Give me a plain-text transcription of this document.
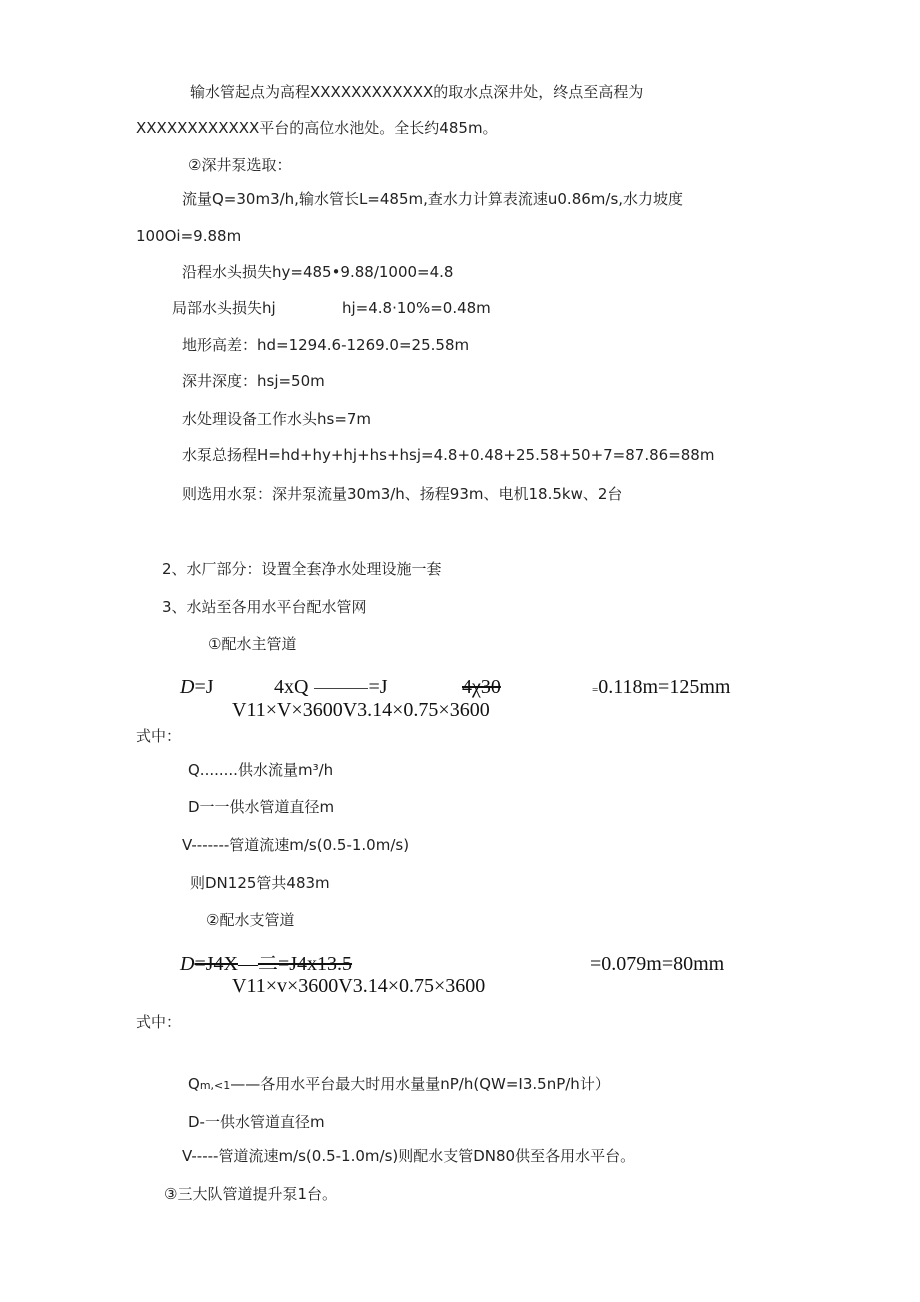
输水管起点为高程XXXXXXXXXXXX的取水点深井处，终点至高程为
XXXXXXXXXXXX平台的高位水池处。全长约485m。
②深井泵选取：
流量Q=30m3/h,输水管长L=485m,查水力计算表流速u0.86m/s,水力坡度
100Oi=9.88m
沿程水头损失hy=485•9.88/1000=4.8
局部水头损失hj	hj=4.8·10%=0.48m
地形高差：hd=1294.6-1269.0=25.58m
深井深度：hsj=50m
水处理设备工作水头hs=7m
水泵总扬程H=hd+hy+hj+hs+hsj=4.8+0.48+25.58+50+7=87.86=88m
则选用水泵：深井泵流量30m3/h、扬程93m、电机18.5kw、2台
2、水厂部分：设置全套净水处理设施一套
3、水站至各用水平台配水管网
①配水主管道
D=J	4xQ	=J	4χ30	=0.118m=125mm
V11×V×3600V3.14×0.75×3600
式中：
Q........供水流量m³/h
D一一供水管道直径m
V-------管道流速m/s(0.5-1.0m/s)
则DN125管共483m
②配水支管道
D=J4X—二=J4x13.5	=0.079m=80mm
V11×v×3600V3.14×0.75×3600
式中：
Qm,<1——各用水平台最大时用水量量nP/h(QW=I3.5nP/h计）
D-一供水管道直径m
V-----管道流速m/s(0.5-1.0m/s)则配水支管DN80供至各用水平台。
③三大队管道提升泵1台。
